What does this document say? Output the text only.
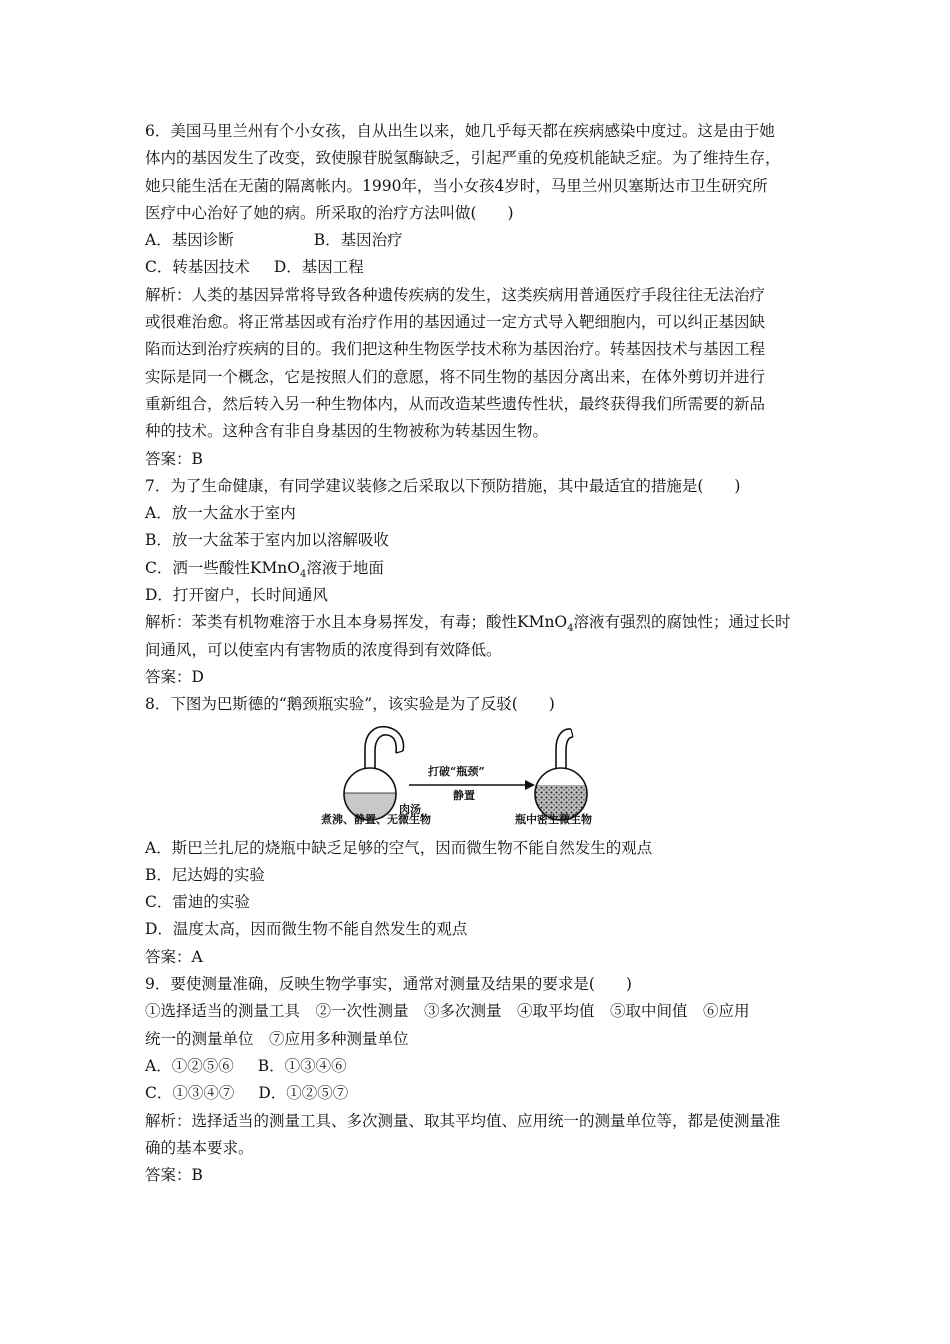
6．美国马里兰州有个小女孩，自从出生以来，她几乎每天都在疾病感染中度过。这是由于她
体内的基因发生了改变，致使腺苷脱氢酶缺乏，引起严重的免疫机能缺乏症。为了维持生存，
她只能生活在无菌的隔离帐内。1990年，当小女孩4岁时，马里兰州贝塞斯达市卫生研究所
医疗中心治好了她的病。所采取的治疗方法叫做(　　)
A．基因诊断	B．基因治疗
C．转基因技术 D．基因工程
解析：人类的基因异常将导致各种遗传疾病的发生，这类疾病用普通医疗手段往往无法治疗
或很难治愈。将正常基因或有治疗作用的基因通过一定方式导入靶细胞内，可以纠正基因缺
陷而达到治疗疾病的目的。我们把这种生物医学技术称为基因治疗。转基因技术与基因工程
实际是同一个概念，它是按照人们的意愿，将不同生物的基因分离出来，在体外剪切并进行
重新组合，然后转入另一种生物体内，从而改造某些遗传性状，最终获得我们所需要的新品
种的技术。这种含有非自身基因的生物被称为转基因生物。
答案：B
7．为了生命健康，有同学建议装修之后采取以下预防措施，其中最适宜的措施是(　　)
A．放一大盆水于室内
B．放一大盆苯于室内加以溶解吸收
C．洒一些酸性KMnO$_4$溶液于地面
D．打开窗户，长时间通风
解析：苯类有机物难溶于水且本身易挥发，有毒；酸性KMnO$_4$溶液有强烈的腐蚀性；通过长时
间通风，可以使室内有害物质的浓度得到有效降低。
答案：D
8．下图为巴斯德的“鹅颈瓶实验”，该实验是为了反驳(　　)
打破“瓶颈”
静置
肉汤
煮沸、静置、无微生物	瓶中密生微生物
A．斯巴兰扎尼的烧瓶中缺乏足够的空气，因而微生物不能自然发生的观点
B．尼达姆的实验
C．雷迪的实验
D．温度太高，因而微生物不能自然发生的观点
答案：A
9．要使测量准确，反映生物学事实，通常对测量及结果的要求是(　　)
①选择适当的测量工具　②一次性测量　③多次测量　④取平均值　⑤取中间值　⑥应用
统一的测量单位　⑦应用多种测量单位
A．①②⑤⑥ B．①③④⑥
C．①③④⑦ D．①②⑤⑦
解析：选择适当的测量工具、多次测量、取其平均值、应用统一的测量单位等，都是使测量准
确的基本要求。
答案：B
